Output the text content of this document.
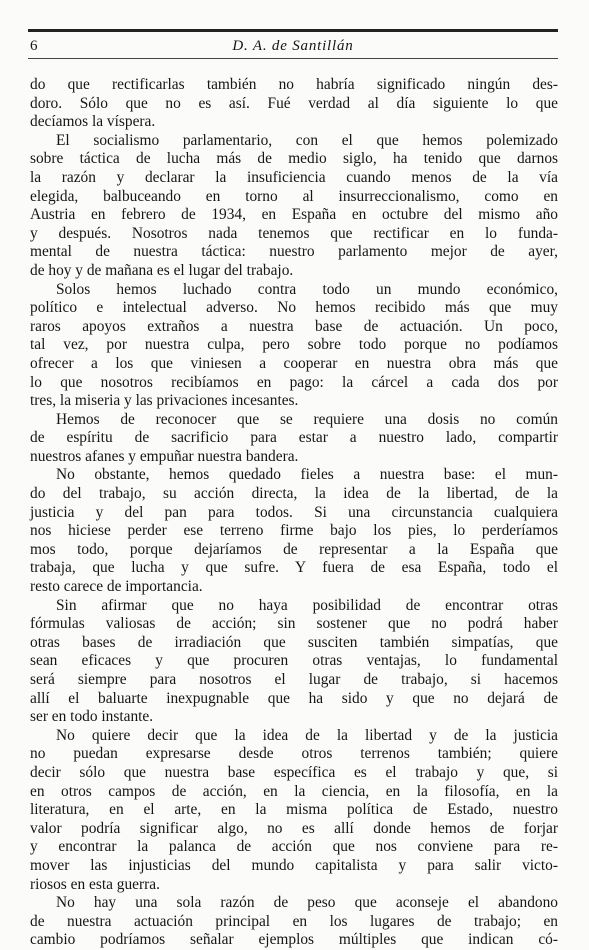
6	D. A. de Santillán
do que rectificarlas también no habría significado ningún des-
doro. Sólo que no es así. Fué verdad al día siguiente lo que
decíamos la víspera.
El socialismo parlamentario, con el que hemos polemizado
sobre táctica de lucha más de medio siglo, ha tenido que darnos
la razón y declarar la insuficiencia cuando menos de la vía
elegida, balbuceando en torno al insurreccionalismo, como en
Austria en febrero de 1934, en España en octubre del mismo año
y después. Nosotros nada tenemos que rectificar en lo funda-
mental de nuestra táctica: nuestro parlamento mejor de ayer,
de hoy y de mañana es el lugar del trabajo.
Solos hemos luchado contra todo un mundo económico,
político e intelectual adverso. No hemos recibido más que muy
raros apoyos extraños a nuestra base de actuación. Un poco,
tal vez, por nuestra culpa, pero sobre todo porque no podíamos
ofrecer a los que viniesen a cooperar en nuestra obra más que
lo que nosotros recibíamos en pago: la cárcel a cada dos por
tres, la miseria y las privaciones incesantes.
Hemos de reconocer que se requiere una dosis no común
de espíritu de sacrificio para estar a nuestro lado, compartir
nuestros afanes y empuñar nuestra bandera.
No obstante, hemos quedado fieles a nuestra base: el mun-
do del trabajo, su acción directa, la idea de la libertad, de la
justicia y del pan para todos. Si una circunstancia cualquiera
nos hiciese perder ese terreno firme bajo los pies, lo perderíamos
mos todo, porque dejaríamos de representar a la España que
trabaja, que lucha y que sufre. Y fuera de esa España, todo el
resto carece de importancia.
Sin afirmar que no haya posibilidad de encontrar otras
fórmulas valiosas de acción; sin sostener que no podrá haber
otras bases de irradiación que susciten también simpatías, que
sean eficaces y que procuren otras ventajas, lo fundamental
será siempre para nosotros el lugar de trabajo, si hacemos
allí el baluarte inexpugnable que ha sido y que no dejará de
ser en todo instante.
No quiere decir que la idea de la libertad y de la justicia
no puedan expresarse desde otros terrenos también; quiere
decir sólo que nuestra base específica es el trabajo y que, si
en otros campos de acción, en la ciencia, en la filosofía, en la
literatura, en el arte, en la misma política de Estado, nuestro
valor podría significar algo, no es allí donde hemos de forjar
y encontrar la palanca de acción que nos conviene para re-
mover las injusticias del mundo capitalista y para salir victo-
riosos en esta guerra.
No hay una sola razón de peso que aconseje el abandono
de nuestra actuación principal en los lugares de trabajo; en
cambio podríamos señalar ejemplos múltiples que indican có-
